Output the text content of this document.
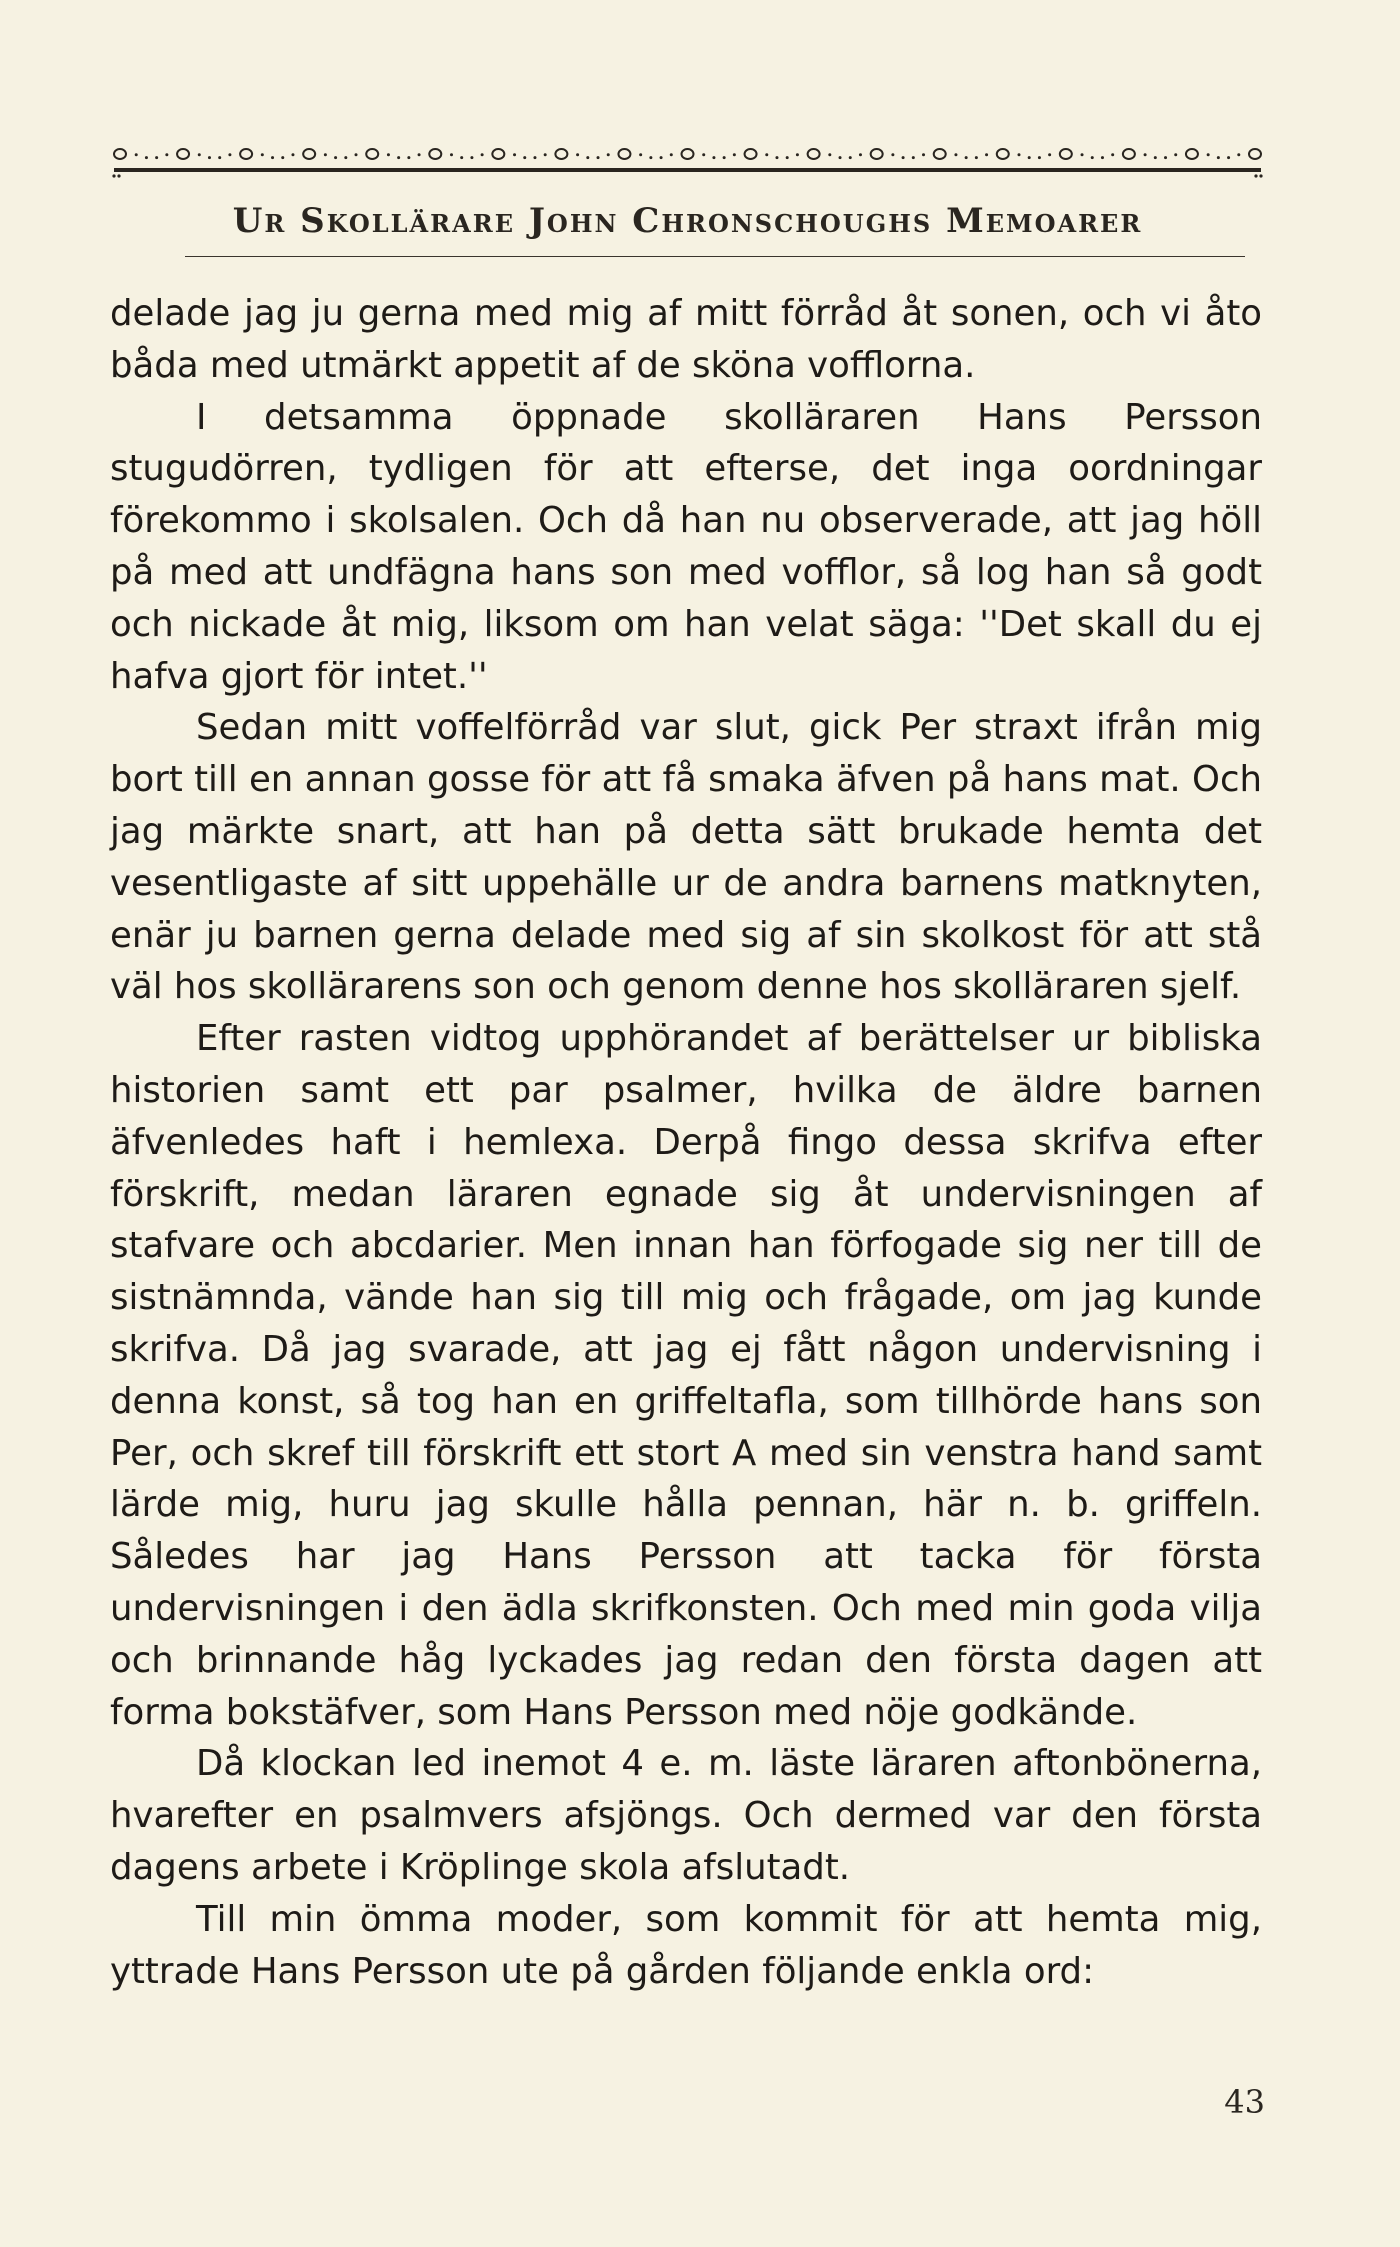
Ur Skollärare John Chronschoughs Memoarer

delade jag ju gerna med mig af mitt förråd åt sonen, och vi åto båda med utmärkt appetit af de sköna vofflorna.

I detsamma öppnade skolläraren Hans Persson stugudörren, tydligen för att efterse, det inga oordningar förekommo i skolsalen. Och då han nu observerade, att jag höll på med att undfägna hans son med vofflor, så log han så godt och nickade åt mig, liksom om han velat säga: ''Det skall du ej hafva gjort för intet.''

Sedan mitt voffelförråd var slut, gick Per straxt ifrån mig bort till en annan gosse för att få smaka äfven på hans mat. Och jag märkte snart, att han på detta sätt brukade hemta det vesentligaste af sitt uppehälle ur de andra barnens matknyten, enär ju barnen gerna delade med sig af sin skolkost för att stå väl hos skollärarens son och genom denne hos skolläraren sjelf.

Efter rasten vidtog upphörandet af berättelser ur bibliska historien samt ett par psalmer, hvilka de äldre barnen äfvenledes haft i hemlexa. Derpå fingo dessa skrifva efter förskrift, medan läraren egnade sig åt undervisningen af stafvare och abcdarier. Men innan han förfogade sig ner till de sistnämnda, vände han sig till mig och frågade, om jag kunde skrifva. Då jag svarade, att jag ej fått någon undervisning i denna konst, så tog han en griffeltafla, som tillhörde hans son Per, och skref till förskrift ett stort A med sin venstra hand samt lärde mig, huru jag skulle hålla pennan, här n. b. griffeln. Således har jag Hans Persson att tacka för första undervisningen i den ädla skrifkonsten. Och med min goda vilja och brinnande håg lyckades jag redan den första dagen att forma bokstäfver, som Hans Persson med nöje godkände.

Då klockan led inemot 4 e. m. läste läraren aftonbönerna, hvarefter en psalmvers afsjöngs. Och dermed var den första dagens arbete i Kröplinge skola afslutadt.

Till min ömma moder, som kommit för att hemta mig, yttrade Hans Persson ute på gården följande enkla ord:

43
